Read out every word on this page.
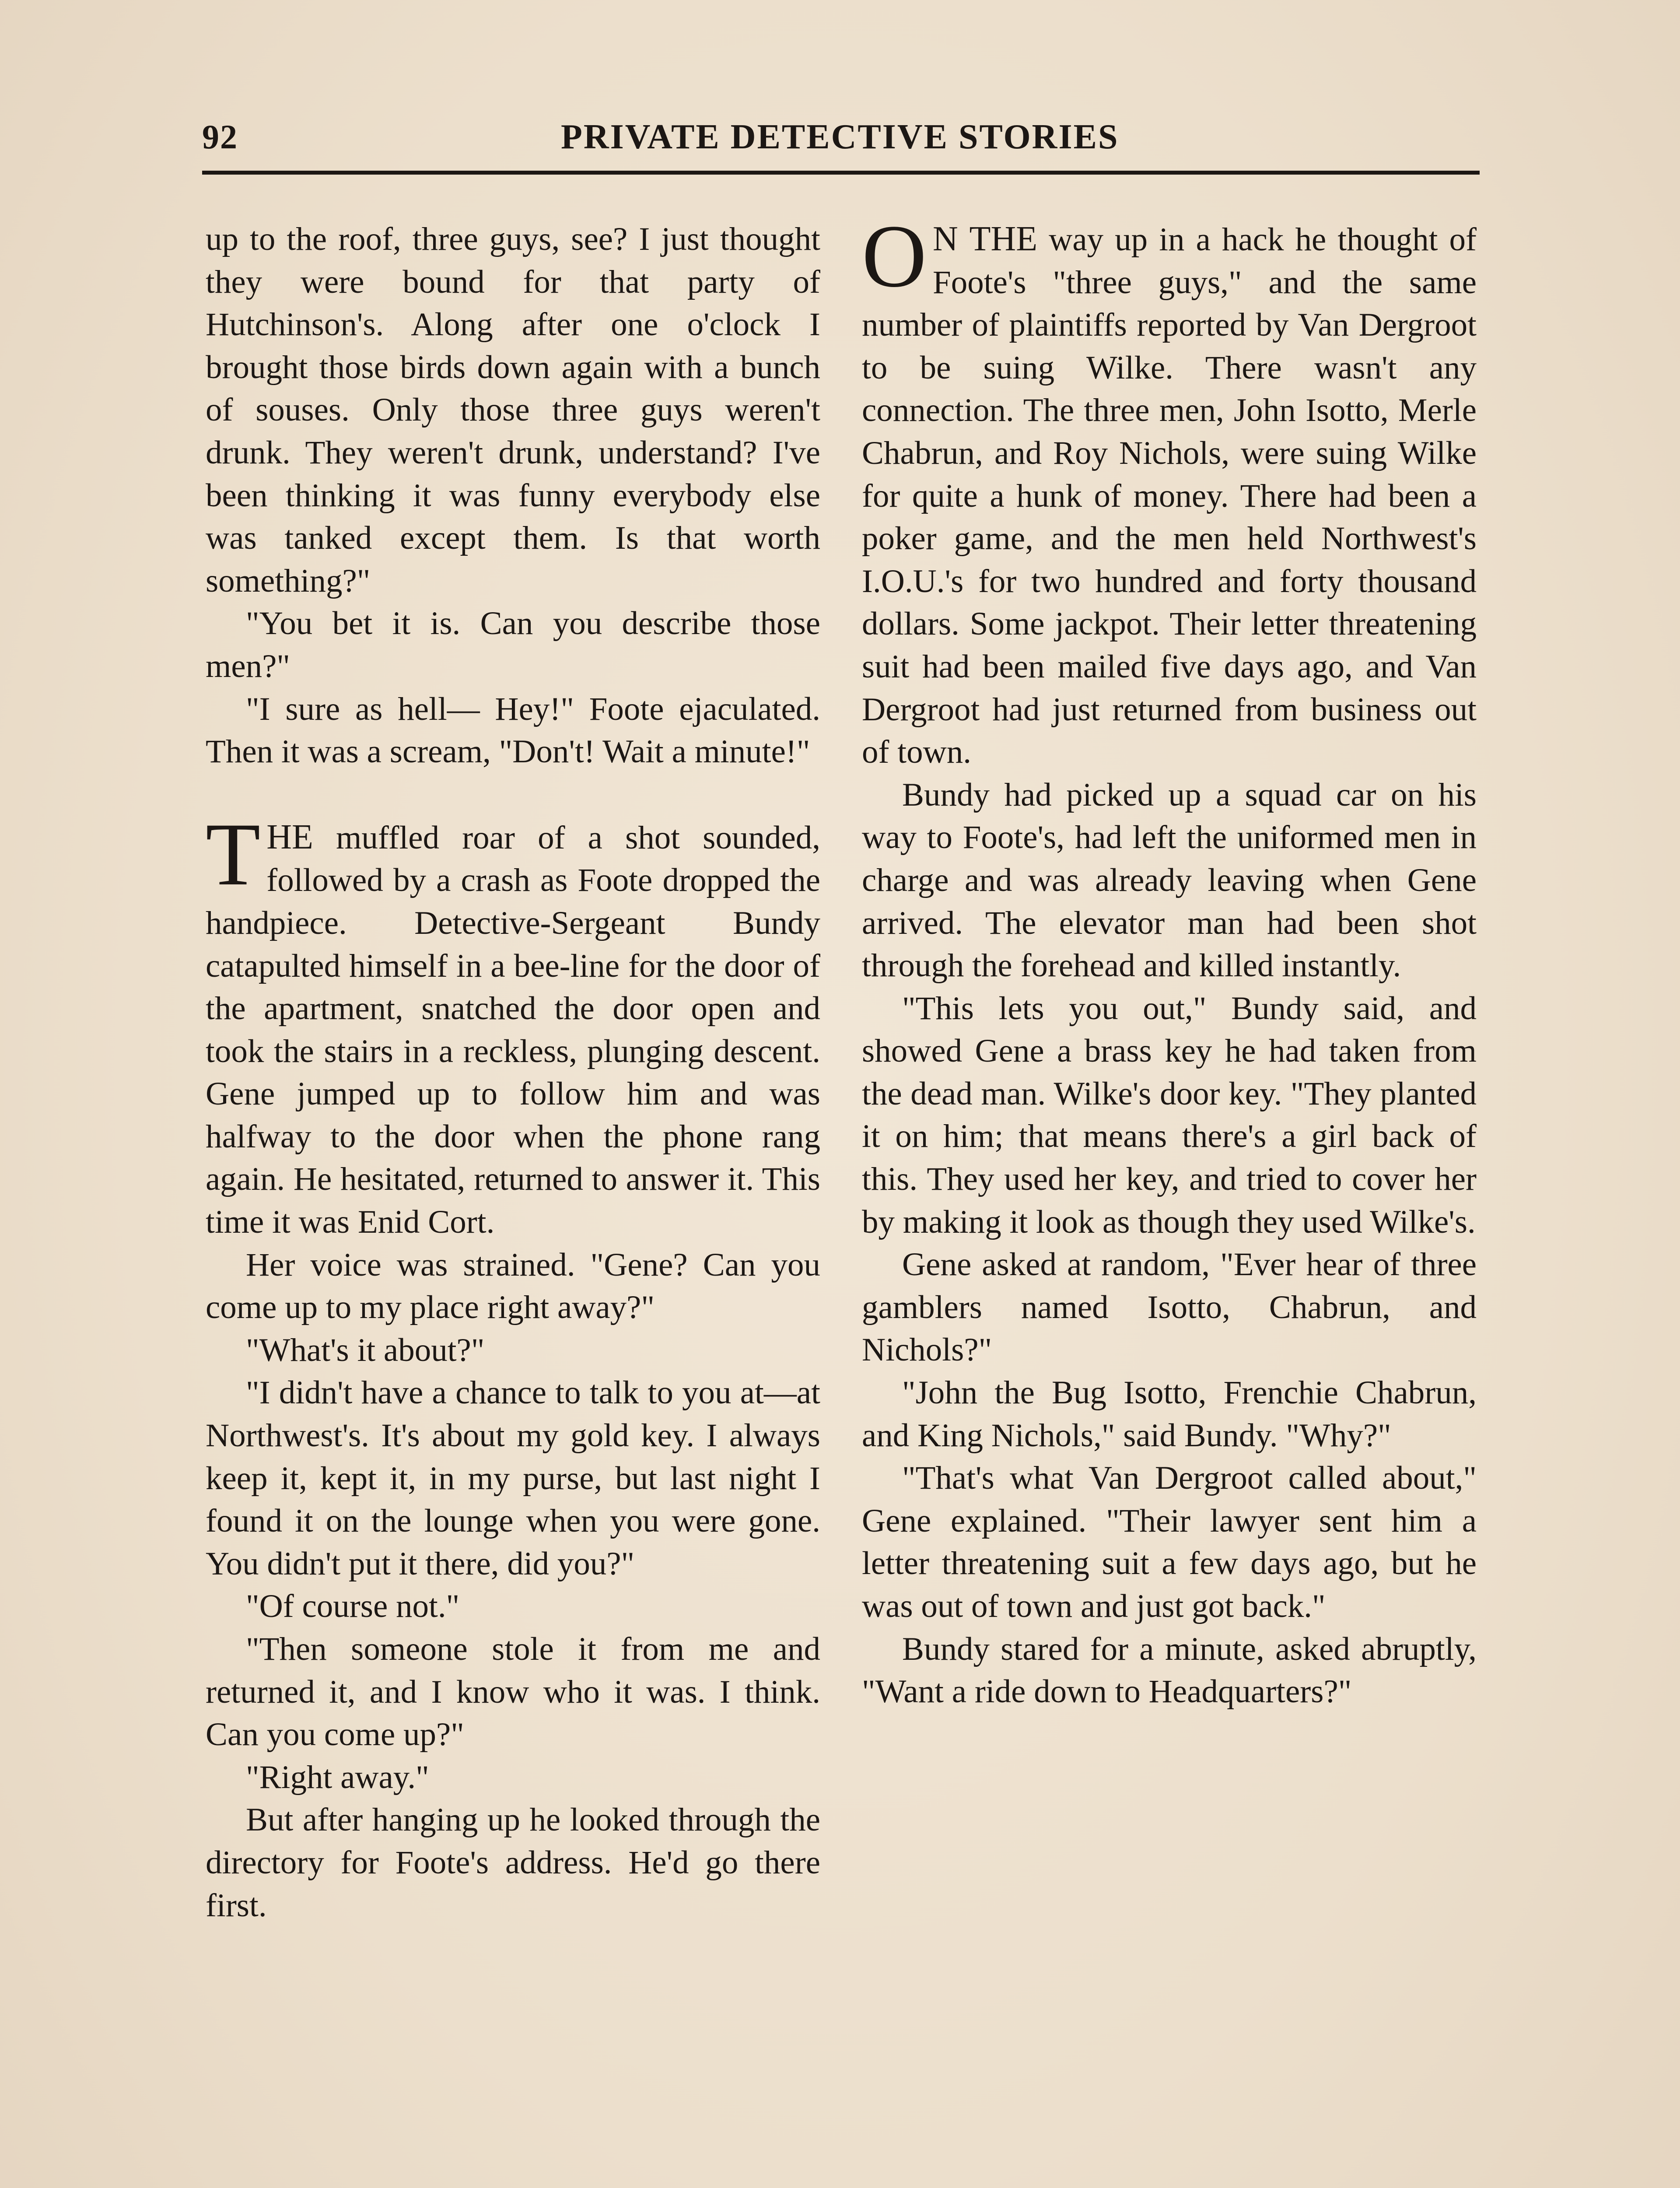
92	PRIVATE DETECTIVE STORIES

up to the roof, three guys, see? I just thought they were bound for that party of Hutchinson's. Along after one o'clock I brought those birds down again with a bunch of souses. Only those three guys weren't drunk. They weren't drunk, understand? I've been thinking it was funny everybody else was tanked except them. Is that worth something?"

"You bet it is. Can you describe those men?"

"I sure as hell— Hey!" Foote ejaculated. Then it was a scream, "Don't! Wait a minute!"

THE muffled roar of a shot sounded, followed by a crash as Foote dropped the handpiece. Detective-Sergeant Bundy catapulted himself in a bee-line for the door of the apartment, snatched the door open and took the stairs in a reckless, plunging descent. Gene jumped up to follow him and was halfway to the door when the phone rang again. He hesitated, returned to answer it. This time it was Enid Cort.

Her voice was strained. "Gene? Can you come up to my place right away?"

"What's it about?"

"I didn't have a chance to talk to you at—at Northwest's. It's about my gold key. I always keep it, kept it, in my purse, but last night I found it on the lounge when you were gone. You didn't put it there, did you?"

"Of course not."

"Then someone stole it from me and returned it, and I know who it was. I think. Can you come up?"

"Right away."

But after hanging up he looked through the directory for Foote's address. He'd go there first.

O N THE way up in a hack he thought of Foote's "three guys," and the same number of plaintiffs reported by Van Dergroot to be suing Wilke. There wasn't any connection. The three men, John Isotto, Merle Chabrun, and Roy Nichols, were suing Wilke for quite a hunk of money. There had been a poker game, and the men held Northwest's I.O.U.'s for two hundred and forty thousand dollars. Some jackpot. Their letter threatening suit had been mailed five days ago, and Van Dergroot had just returned from business out of town.

Bundy had picked up a squad car on his way to Foote's, had left the uniformed men in charge and was already leaving when Gene arrived. The elevator man had been shot through the forehead and killed instantly.

"This lets you out," Bundy said, and showed Gene a brass key he had taken from the dead man. Wilke's door key. "They planted it on him; that means there's a girl back of this. They used her key, and tried to cover her by making it look as though they used Wilke's.

Gene asked at random, "Ever hear of three gamblers named Isotto, Chabrun, and Nichols?"

"John the Bug Isotto, Frenchie Chabrun, and King Nichols," said Bundy. "Why?"

"That's what Van Dergroot called about," Gene explained. "Their lawyer sent him a letter threatening suit a few days ago, but he was out of town and just got back."

Bundy stared for a minute, asked abruptly, "Want a ride down to Headquarters?"
